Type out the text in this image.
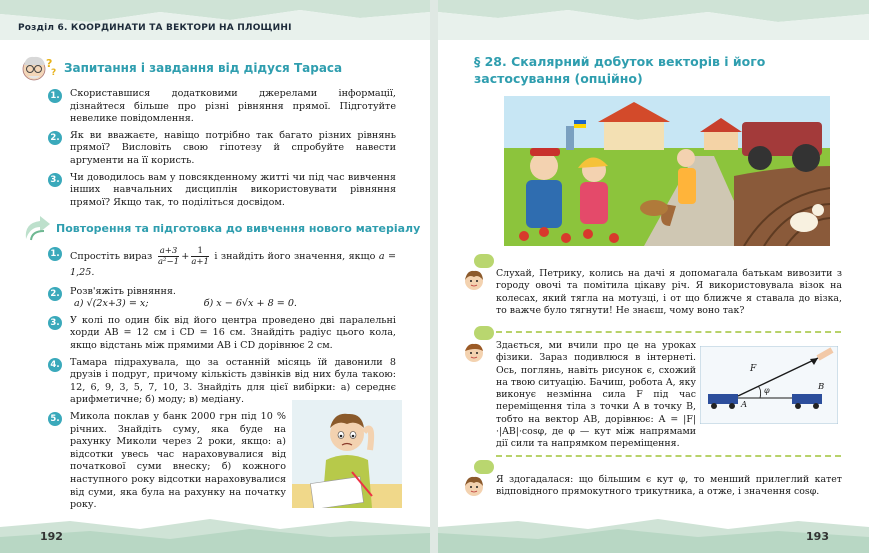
Розділ 6. КООРДИНАТИ ТА ВЕКТОРИ НА ПЛОЩИНІ
?
? Запитання і завдання від дідуся Тараса
1. Скориставшися додатковими джерелами інформації, дізнайтеся більше про різні рівняння прямої. Підготуйте невелике повідомлення.
2. Як ви вважаєте, навіщо потрібно так багато різних рівнянь прямої? Висловіть свою гіпотезу й спробуйте навести аргументи на її користь.
3. Чи доводилось вам у повсякденному житті чи під час вивчення інших навчальних дисциплін використовувати рівняння прямої? Якщо так, то поділіться досвідом.
Повторення та підготовка до вивчення нового матеріалу
1. Спростіть вираз $\frac{a+3}{\text{a²−1}} + \frac{1}{a+1}$ і знайдіть його значення, якщо a = 1,25.
2. Розв'яжіть рівняння.
а) √(2x+3) = x;	б) x − 6√x + 8 = 0.
3. У колі по один бік від його центра проведено дві паралельні хорди AB = 12 см і CD = 16 см. Знайдіть радіус цього кола, якщо відстань між прямими AB і CD дорівнює 2 см.
4. Тамара підрахувала, що за останній місяць їй давонили 8 друзів і подруг, причому кількість дзвінків від них була такою: 12, 6, 9, 3, 5, 7, 10, 3. Знайдіть для цієї вибірки: а) середнє арифметичне; б) моду; в) медіану.
5. Микола поклав у банк 2000 грн під 10 % річних. Знайдіть суму, яка буде на рахунку Миколи через 2 роки, якщо: а) відсотки увесь час нараховувалися від початкової суми внеску; б) кожного наступного року відсотки нараховувалися від суми, яка була на рахунку на початку року.
192
§ 28. Скалярний добуток векторів і його застосування (опційно)
Слухай, Петрику, колись на дачі я допомагала батькам вивозити з городу овочі та помітила цікаву річ. Я використовувала візок на колесах, який тягла на мотузці, і от що ближче я ставала до візка, то важче було тягнути! Не знаєш, чому воно так?
Здається, ми вчили про це на уроках фізики. Зараз подивлюся в інтернеті. Ось, поглянь, навіть рисунок є, схожий на твою ситуацію. Бачиш, робота A, яку виконує незмінна сила F під час переміщення тіла з точки A в точку B, тобто на вектор AB, дорівнює: A = |F|·|AB|·cosφ, де φ — кут між напрямами дії сили та напрямком переміщення.
F
φ
A
B
Я здогадалася: що більшим є кут φ, то менший прилеглий катет відповідного прямокутного трикутника, а отже, і значення cosφ.
193
